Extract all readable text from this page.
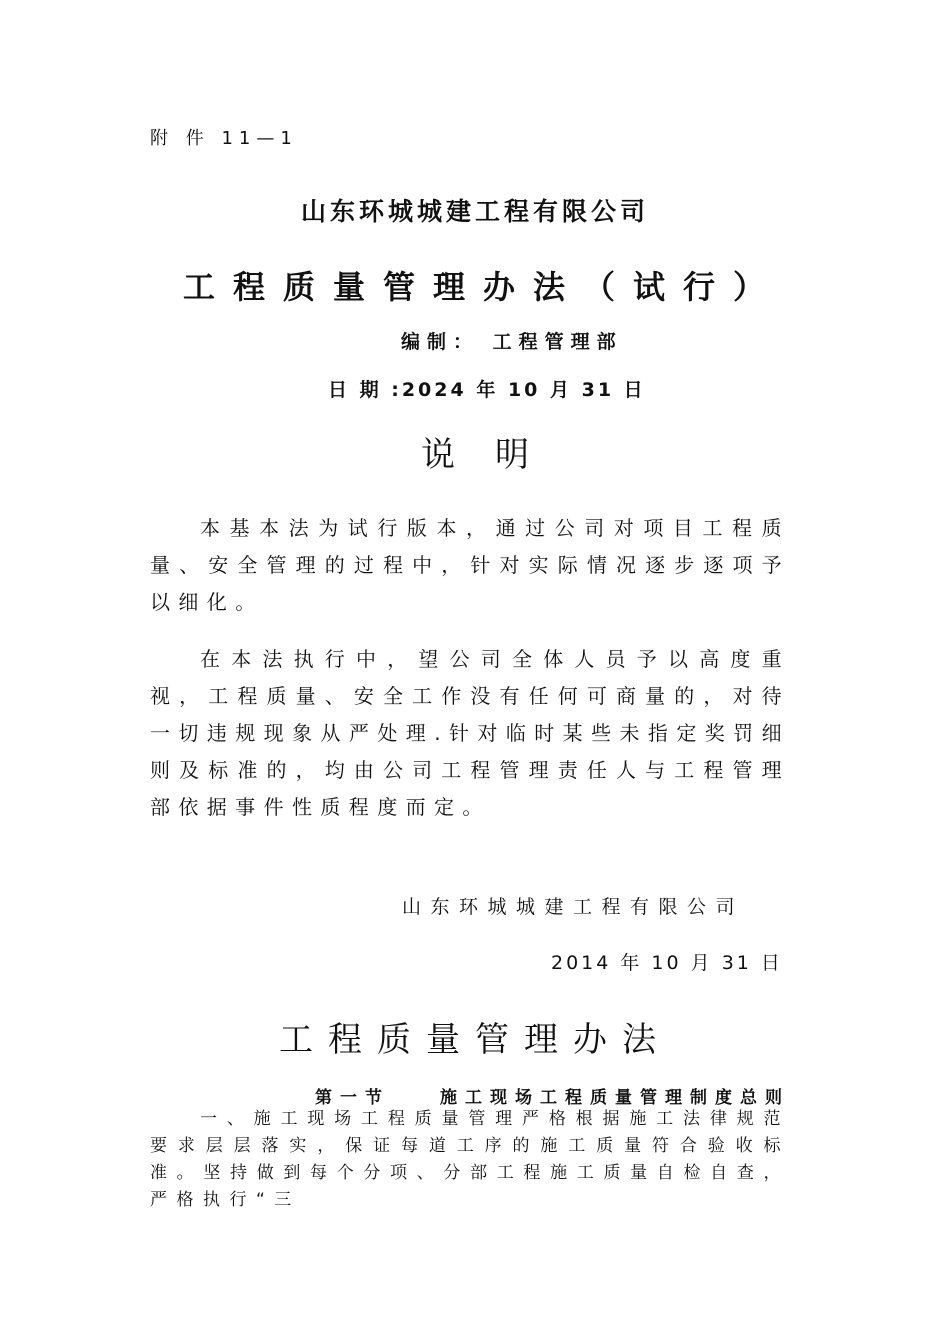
附 件 11—1
山东环城城建工程有限公司
工程质量管理办法（试行）
编制： 工程管理部
日 期 :2024 年 10 月 31 日
说明

本基本法为试行版本，通过公司对项目工程质量、安全管理的过程中，针对实际情况逐步逐项予以细化。

在本法执行中，望公司全体人员予以高度重视，工程质量、安全工作没有任何可商量的，对待一切违规现象从严处理.针对临时某些未指定奖罚细则及标准的，均由公司工程管理责任人与工程管理部依据事件性质程度而定。

山东环城城建工程有限公司
2014 年 10 月 31 日
工程质量管理办法
第一节　　施工现场工程质量管理制度总则

一、施工现场工程质量管理严格根据施工法律规范要求层层落实，保证每道工序的施工质量符合验收标准。坚持做到每个分项、分部工程施工质量自检自查，严格执行“三
